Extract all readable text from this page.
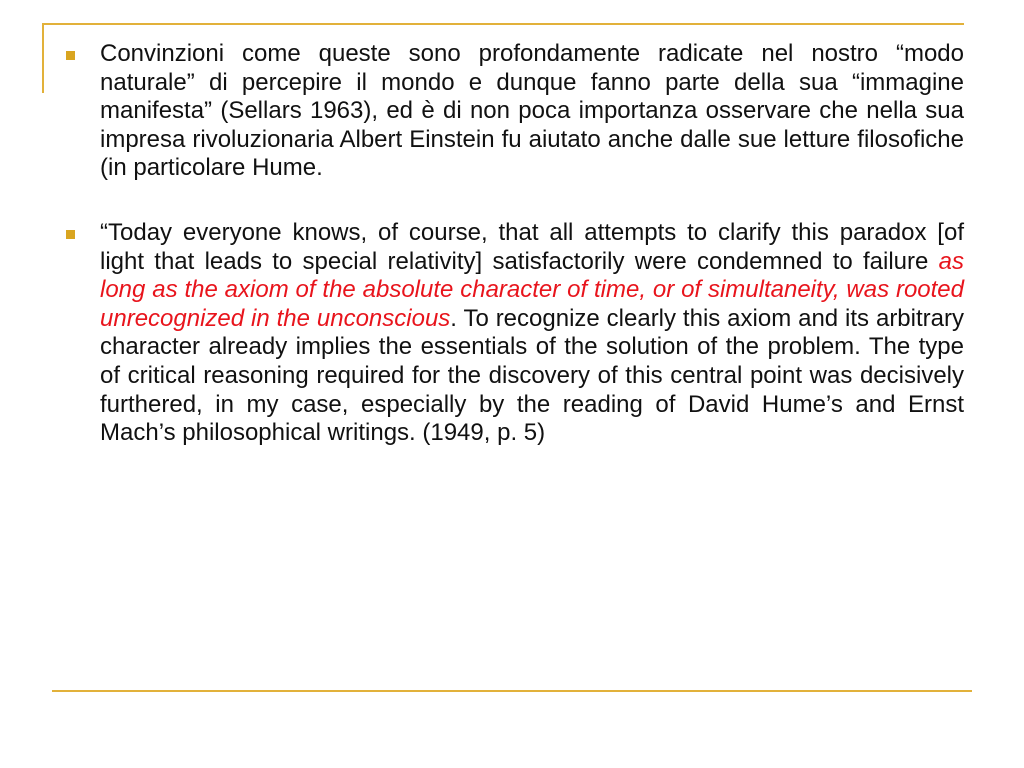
Convinzioni come queste sono profondamente radicate nel nostro “modo naturale” di percepire il mondo e dunque fanno parte della sua “immagine manifesta” (Sellars 1963), ed è di non poca importanza osservare che nella sua impresa rivoluzionaria Albert Einstein fu aiutato anche dalle sue letture filosofiche (in particolare Hume.

“Today everyone knows, of course, that all attempts to clarify this paradox [of light that leads to special relativity] satisfactorily were condemned to failure as long as the axiom of the absolute character of time, or of simultaneity, was rooted unrecognized in the unconscious. To recognize clearly this axiom and its arbitrary character already implies the essentials of the solution of the problem. The type of critical reasoning required for the discovery of this central point was decisively furthered, in my case, especially by the reading of David Hume’s and Ernst Mach’s philosophical writings. (1949, p. 5)
